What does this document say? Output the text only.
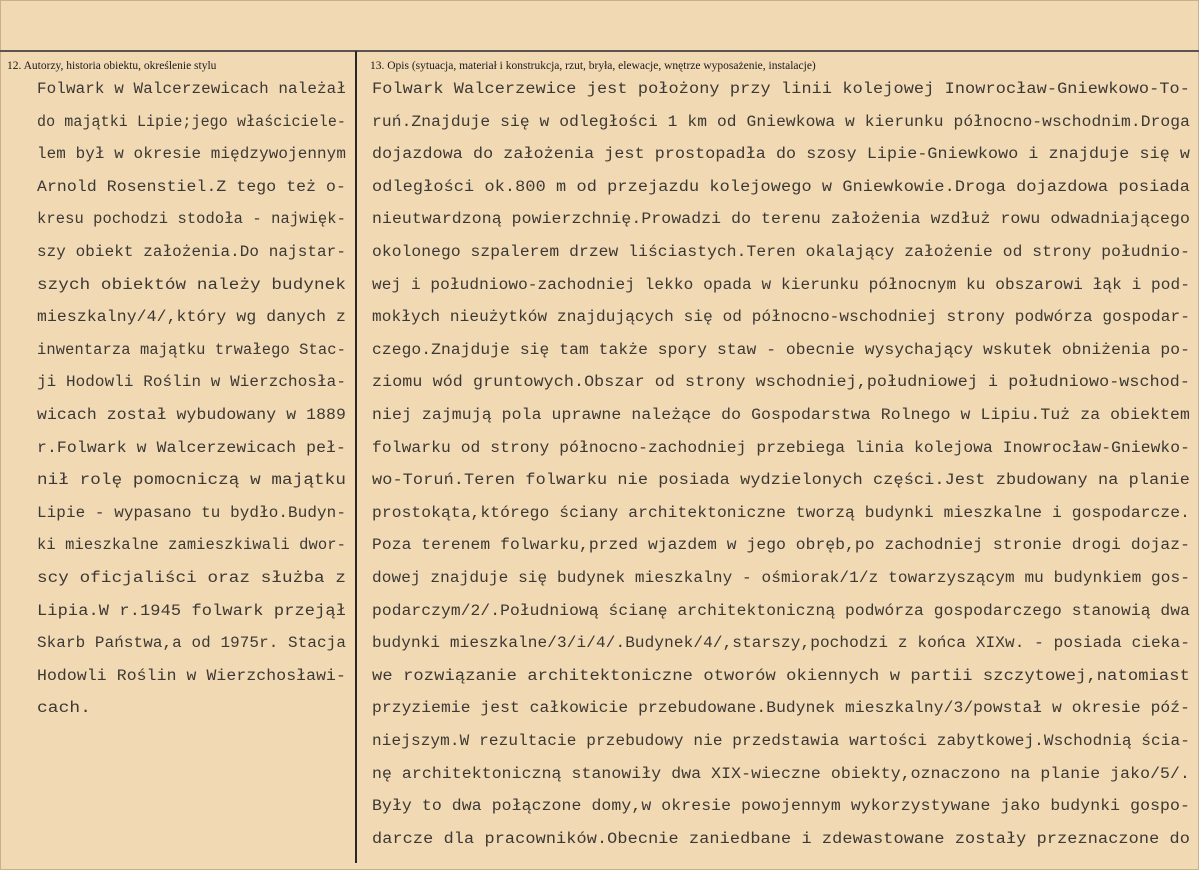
12. Autorzy, historia obiektu, określenie stylu	13. Opis (sytuacja, materiał i konstrukcja, rzut, bryła, elewacje, wnętrze wyposażenie, instalacje)
Folwark w Walcerzewicach należał
do majątki Lipie;jego właściciele-
lem był w okresie międzywojennym
Arnold Rosenstiel.Z tego też o-
kresu pochodzi stodoła - najwięk-
szy obiekt założenia.Do najstar-
szych obiektów należy budynek
mieszkalny/4/,który wg danych z
inwentarza majątku trwałego Stac-
ji Hodowli Roślin w Wierzchosła-
wicach został wybudowany w 1889
r.Folwark w Walcerzewicach peł-
nił rolę pomocniczą w majątku
Lipie - wypasano tu bydło.Budyn-
ki mieszkalne zamieszkiwali dwor-
scy oficjaliści oraz służba z
Lipia.W r.1945 folwark przejął
Skarb Państwa,a od 1975r. Stacja
Hodowli Roślin w Wierzchosławi-
cach.
Folwark Walcerzewice jest położony przy linii kolejowej Inowrocław-Gniewkowo-To-
ruń.Znajduje się w odległości 1 km od Gniewkowa w kierunku północno-wschodnim.Droga
dojazdowa do założenia jest prostopadła do szosy Lipie-Gniewkowo i znajduje się w
odległości ok.800 m od przejazdu kolejowego w Gniewkowie.Droga dojazdowa posiada
nieutwardzoną powierzchnię.Prowadzi do terenu założenia wzdłuż rowu odwadniającego
okolonego szpalerem drzew liściastych.Teren okalający założenie od strony południo-
wej i południowo-zachodniej lekko opada w kierunku północnym ku obszarowi łąk i pod-
mokłych nieużytków znajdujących się od północno-wschodniej strony podwórza gospodar-
czego.Znajduje się tam także spory staw - obecnie wysychający wskutek obniżenia po-
ziomu wód gruntowych.Obszar od strony wschodniej,południowej i południowo-wschod-
niej zajmują pola uprawne należące do Gospodarstwa Rolnego w Lipiu.Tuż za obiektem
folwarku od strony północno-zachodniej przebiega linia kolejowa Inowrocław-Gniewko-
wo-Toruń.Teren folwarku nie posiada wydzielonych części.Jest zbudowany na planie
prostokąta,którego ściany architektoniczne tworzą budynki mieszkalne i gospodarcze.
Poza terenem folwarku,przed wjazdem w jego obręb,po zachodniej stronie drogi dojaz-
dowej znajduje się budynek mieszkalny - ośmiorak/1/z towarzyszącym mu budynkiem gos-
podarczym/2/.Południową ścianę architektoniczną podwórza gospodarczego stanowią dwa
budynki mieszkalne/3/i/4/.Budynek/4/,starszy,pochodzi z końca XIXw. - posiada cieka-
we rozwiązanie architektoniczne otworów okiennych w partii szczytowej,natomiast
przyziemie jest całkowicie przebudowane.Budynek mieszkalny/3/powstał w okresie póź-
niejszym.W rezultacie przebudowy nie przedstawia wartości zabytkowej.Wschodnią ścia-
nę architektoniczną stanowiły dwa XIX-wieczne obiekty,oznaczono na planie jako/5/.
Były to dwa połączone domy,w okresie powojennym wykorzystywane jako budynki gospo-
darcze dla pracowników.Obecnie zaniedbane i zdewastowane zostały przeznaczone do
